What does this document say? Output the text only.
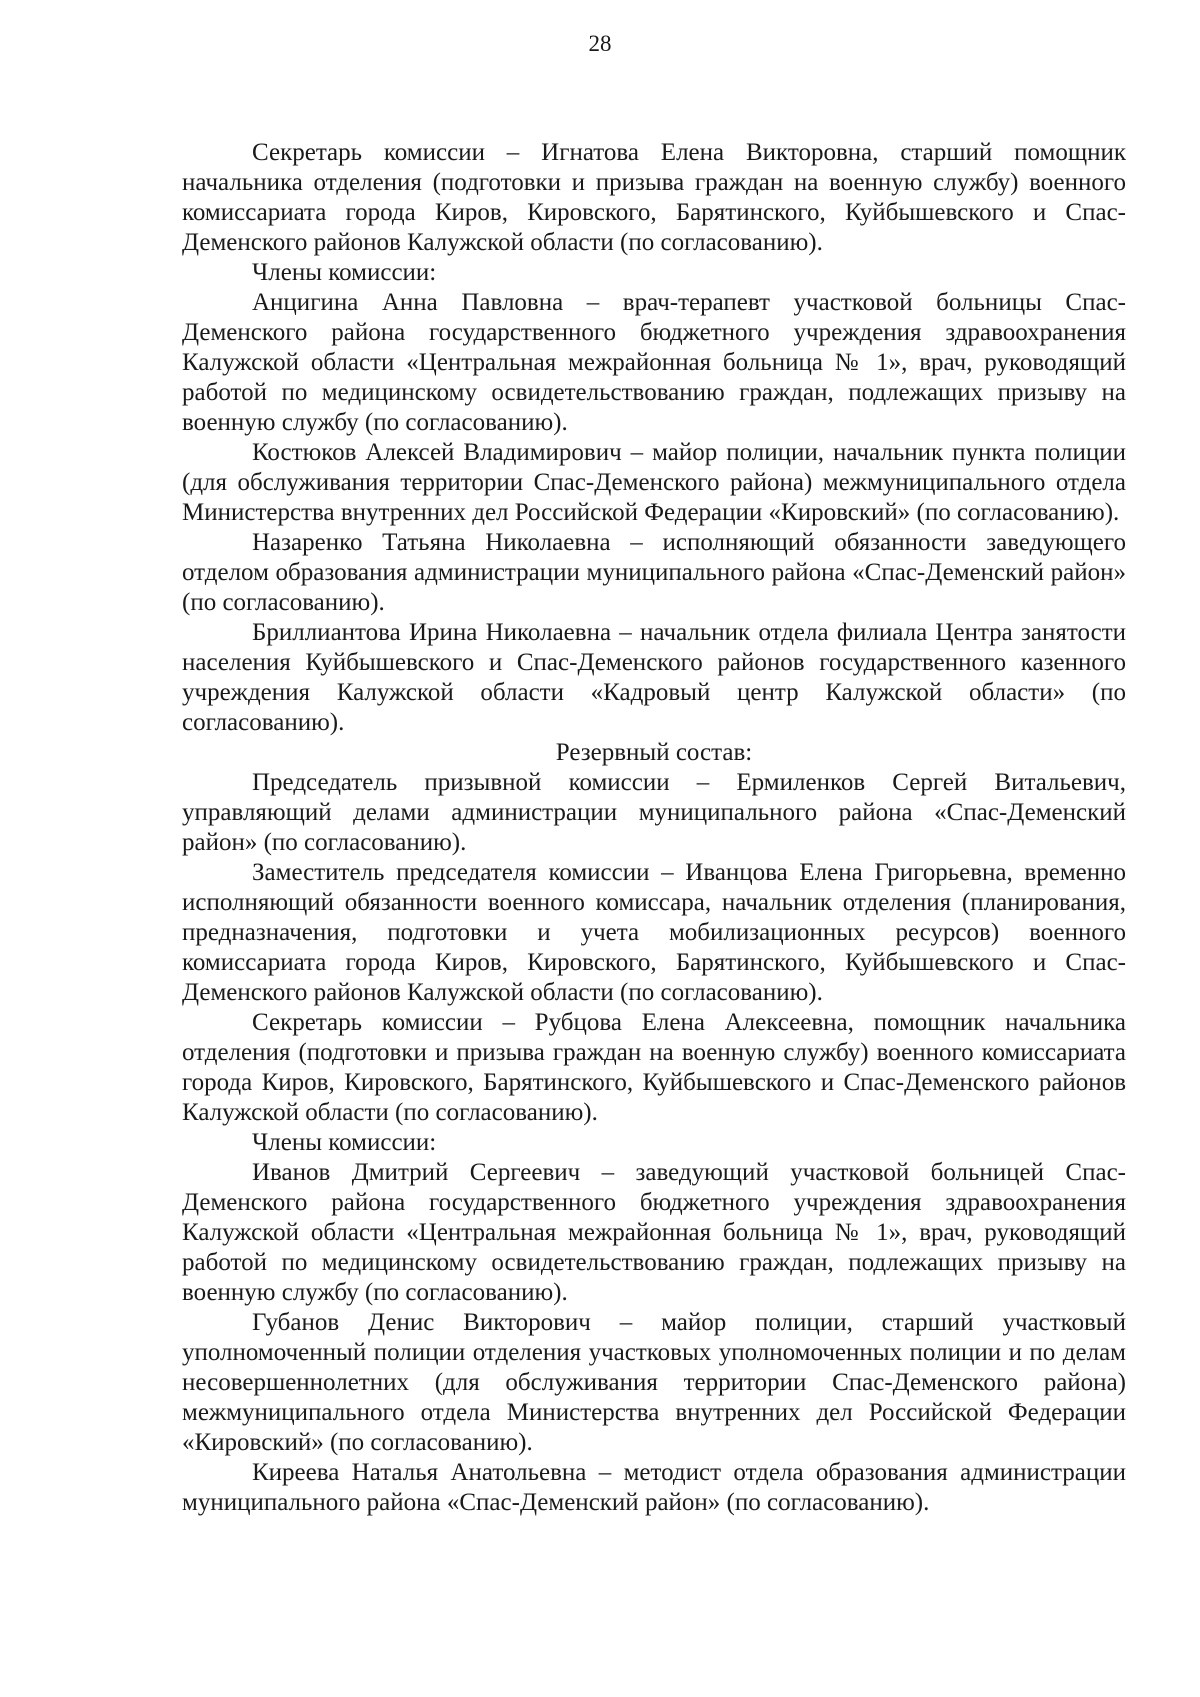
28

Секретарь комиссии – Игнатова Елена Викторовна, старший помощник начальника отделения (подготовки и призыва граждан на военную службу) военного комиссариата города Киров, Кировского, Барятинского, Куйбышевского и Спас-Деменского районов Калужской области (по согласованию).

Члены комиссии:

Анцигина Анна Павловна – врач-терапевт участковой больницы Спас-Деменского района государственного бюджетного учреждения здравоохранения Калужской области «Центральная межрайонная больница № 1», врач, руководящий работой по медицинскому освидетельствованию граждан, подлежащих призыву на военную службу (по согласованию).

Костюков Алексей Владимирович – майор полиции, начальник пункта полиции (для обслуживания территории Спас-Деменского района) межмуниципального отдела Министерства внутренних дел Российской Федерации «Кировский» (по согласованию).

Назаренко Татьяна Николаевна – исполняющий обязанности заведующего отделом образования администрации муниципального района «Спас-Деменский район» (по согласованию).

Бриллиантова Ирина Николаевна – начальник отдела филиала Центра занятости населения Куйбышевского и Спас-Деменского районов государственного казенного учреждения Калужской области «Кадровый центр Калужской области» (по согласованию).

Резервный состав:

Председатель призывной комиссии – Ермиленков Сергей Витальевич, управляющий делами администрации муниципального района «Спас-Деменский район» (по согласованию).

Заместитель председателя комиссии – Иванцова Елена Григорьевна, временно исполняющий обязанности военного комиссара, начальник отделения (планирования, предназначения, подготовки и учета мобилизационных ресурсов) военного комиссариата города Киров, Кировского, Барятинского, Куйбышевского и Спас-Деменского районов Калужской области (по согласованию).

Секретарь комиссии – Рубцова Елена Алексеевна, помощник начальника отделения (подготовки и призыва граждан на военную службу) военного комиссариата города Киров, Кировского, Барятинского, Куйбышевского и Спас-Деменского районов Калужской области (по согласованию).

Члены комиссии:

Иванов Дмитрий Сергеевич – заведующий участковой больницей Спас-Деменского района государственного бюджетного учреждения здравоохранения Калужской области «Центральная межрайонная больница № 1», врач, руководящий работой по медицинскому освидетельствованию граждан, подлежащих призыву на военную службу (по согласованию).

Губанов Денис Викторович – майор полиции, старший участковый уполномоченный полиции отделения участковых уполномоченных полиции и по делам несовершеннолетних (для обслуживания территории Спас-Деменского района) межмуниципального отдела Министерства внутренних дел Российской Федерации «Кировский» (по согласованию).

Киреева Наталья Анатольевна – методист отдела образования администрации муниципального района «Спас-Деменский район» (по согласованию).
